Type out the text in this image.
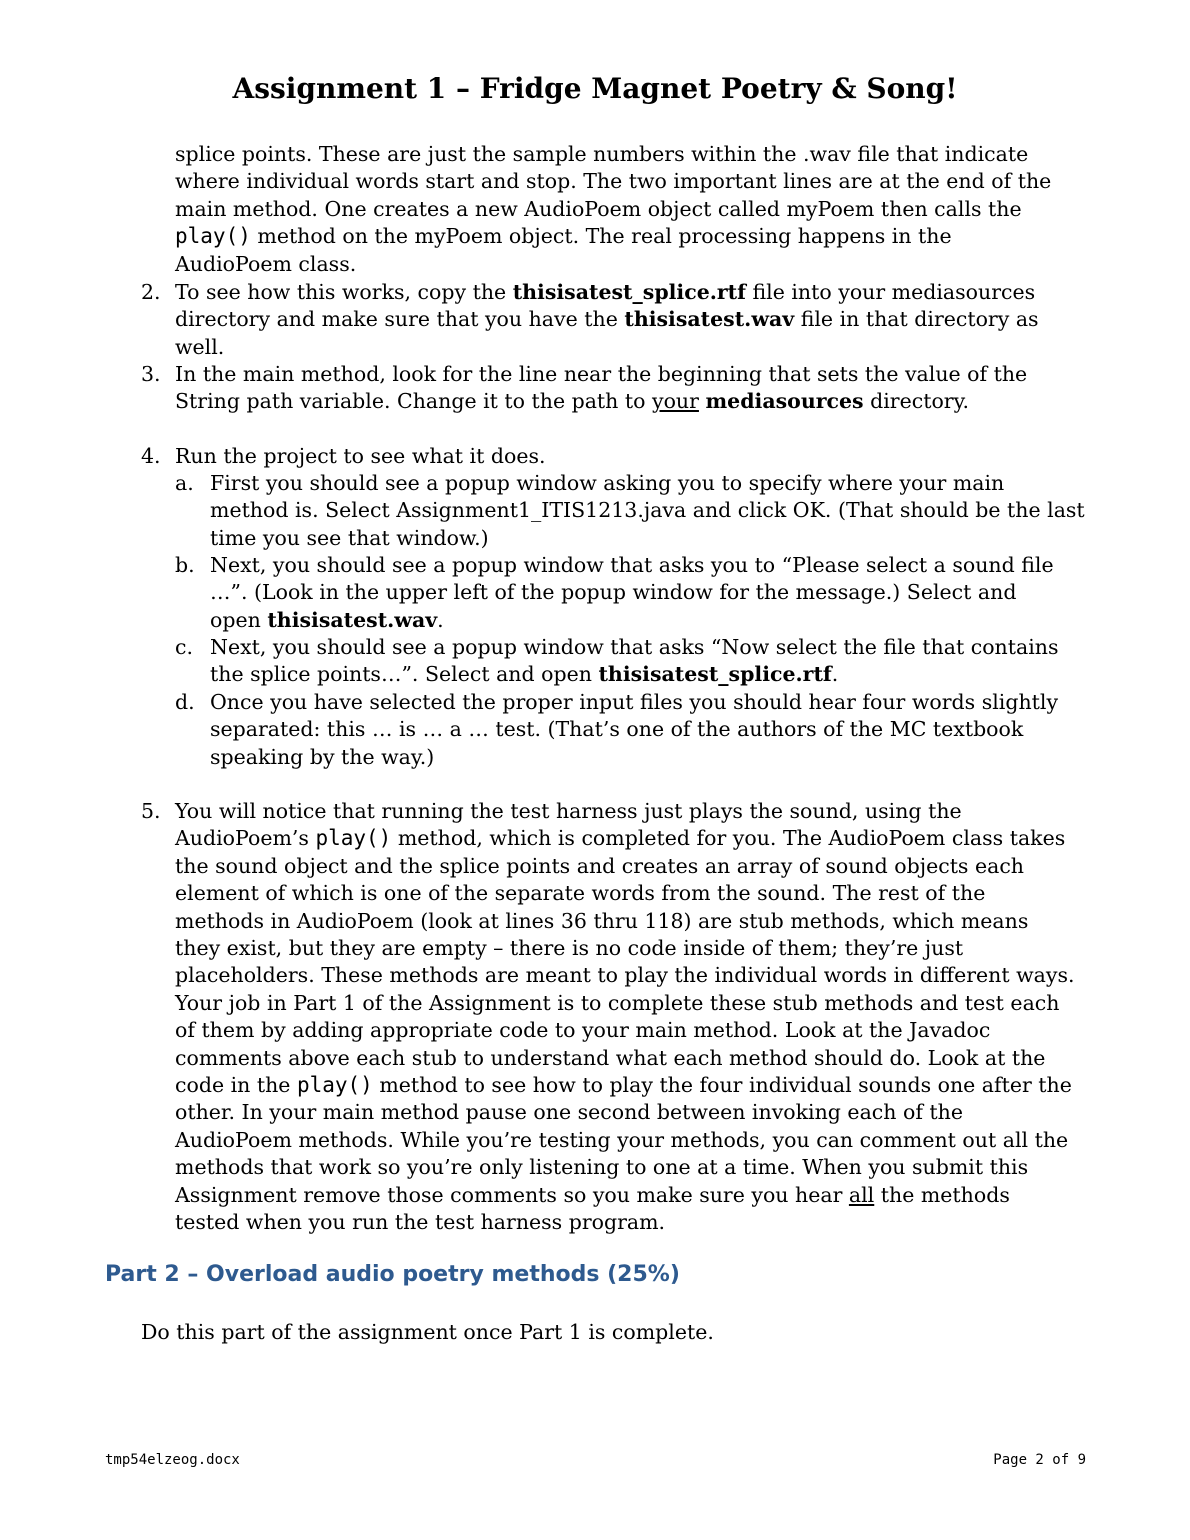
Assignment 1 – Fridge Magnet Poetry & Song!

splice points. These are just the sample numbers within the .wav file that indicate where individual words start and stop. The two important lines are at the end of the main method. One creates a new AudioPoem object called myPoem then calls the play() method on the myPoem object. The real processing happens in the AudioPoem class.

2. To see how this works, copy the thisisatest_splice.rtf file into your mediasources directory and make sure that you have the thisisatest.wav file in that directory as well.

3. In the main method, look for the line near the beginning that sets the value of the String path variable. Change it to the path to your mediasources directory.

4. Run the project to see what it does.

a. First you should see a popup window asking you to specify where your main method is. Select Assignment1_ITIS1213.java and click OK. (That should be the last time you see that window.)

b. Next, you should see a popup window that asks you to “Please select a sound file …”. (Look in the upper left of the popup window for the message.) Select and open thisisatest.wav.

c. Next, you should see a popup window that asks “Now select the file that contains the splice points…”. Select and open thisisatest_splice.rtf.

d. Once you have selected the proper input files you should hear four words slightly separated: this … is … a … test. (That’s one of the authors of the MC textbook speaking by the way.)

5. You will notice that running the test harness just plays the sound, using the AudioPoem’s play() method, which is completed for you. The AudioPoem class takes the sound object and the splice points and creates an array of sound objects each element of which is one of the separate words from the sound. The rest of the methods in AudioPoem (look at lines 36 thru 118) are stub methods, which means they exist, but they are empty – there is no code inside of them; they’re just placeholders. These methods are meant to play the individual words in different ways. Your job in Part 1 of the Assignment is to complete these stub methods and test each of them by adding appropriate code to your main method. Look at the Javadoc comments above each stub to understand what each method should do. Look at the code in the play() method to see how to play the four individual sounds one after the other. In your main method pause one second between invoking each of the AudioPoem methods. While you’re testing your methods, you can comment out all the methods that work so you’re only listening to one at a time. When you submit this Assignment remove those comments so you make sure you hear all the methods tested when you run the test harness program.

Part 2 – Overload audio poetry methods (25%)

Do this part of the assignment once Part 1 is complete.

tmp54elzeog.docx	Page 2 of 9
